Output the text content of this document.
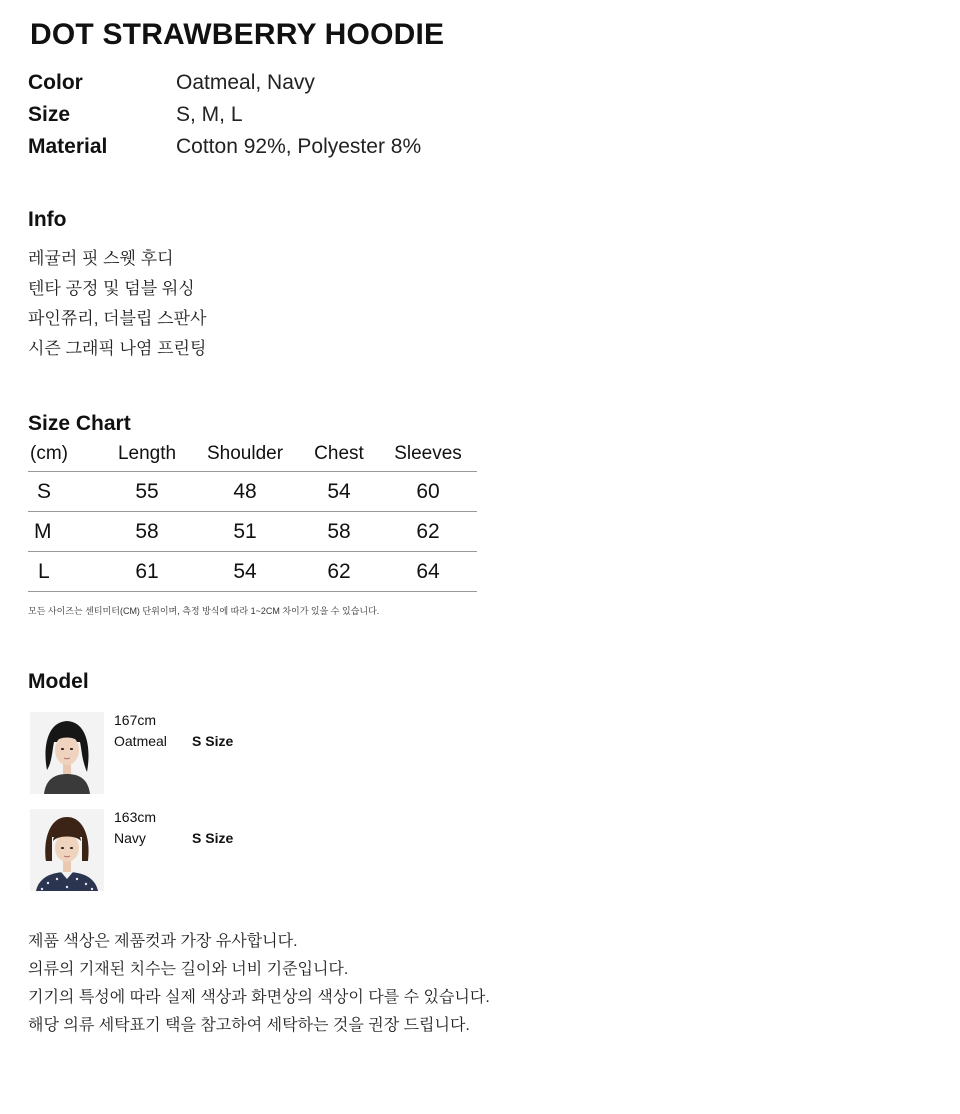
DOT STRAWBERRY HOODIE
Color	Oatmeal, Navy
Size	S, M, L
Material	Cotton 92%, Polyester 8%
Info
레귤러 핏 스웻 후디
텐타 공정 및 덤블 워싱
파인쮸리, 더블립 스판사
시즌 그래픽 나염 프린팅
Size Chart
(cm)	Length	Shoulder	Chest	Sleeves
S	55	48	54	60
M	58	51	58	62
L	61	54	62	64
모든 사이즈는 센티미터(CM) 단위이며, 측정 방식에 따라 1~2CM 차이가 있을 수 있습니다.
Model
167cm
Oatmeal S Size
163cm
Navy	S Size
제품 색상은 제품컷과 가장 유사합니다.
의류의 기재된 치수는 길이와 너비 기준입니다.
기기의 특성에 따라 실제 색상과 화면상의 색상이 다를 수 있습니다.
해당 의류 세탁표기 택을 참고하여 세탁하는 것을 권장 드립니다.
